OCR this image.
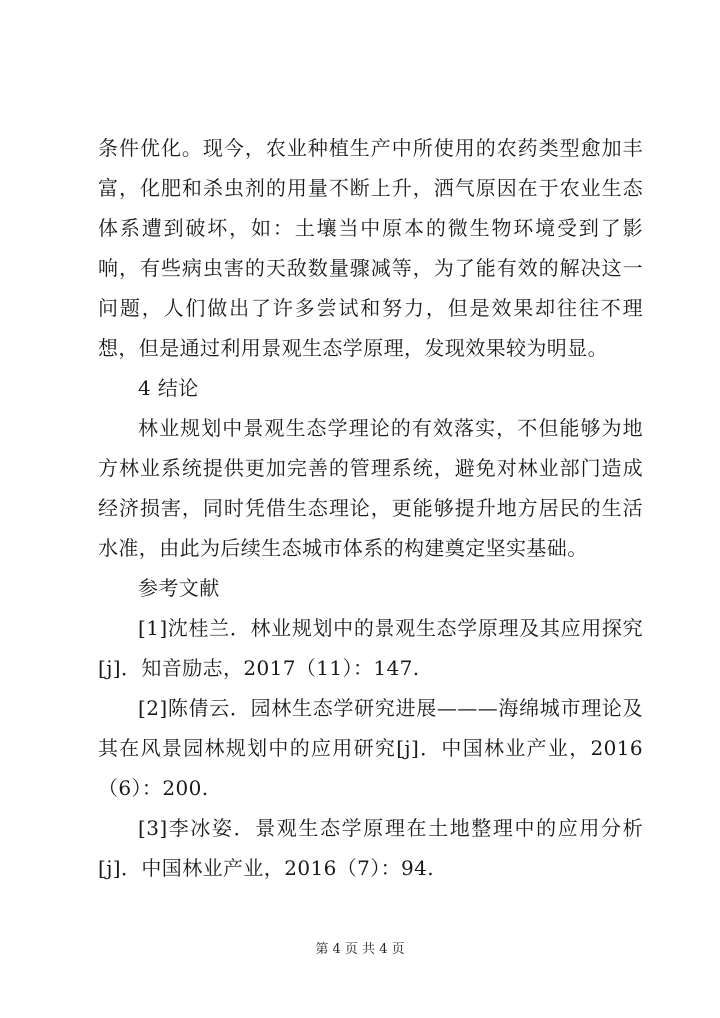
条件优化。现今，农业种植生产中所使用的农药类型愈加丰富，化肥和杀虫剂的用量不断上升，洒气原因在于农业生态体系遭到破坏，如：土壤当中原本的微生物环境受到了影响，有些病虫害的天敌数量骤减等，为了能有效的解决这一问题，人们做出了许多尝试和努力，但是效果却往往不理想，但是通过利用景观生态学原理，发现效果较为明显。

4 结论

林业规划中景观生态学理论的有效落实，不但能够为地方林业系统提供更加完善的管理系统，避免对林业部门造成经济损害，同时凭借生态理论，更能够提升地方居民的生活水准，由此为后续生态城市体系的构建奠定坚实基础。

参考文献

[1]沈桂兰．林业规划中的景观生态学原理及其应用探究[j]．知音励志，2017（11）：147.

[2]陈倩云．园林生态学研究进展———海绵城市理论及其在风景园林规划中的应用研究[j]．中国林业产业，2016（6）：200.

[3]李冰姿．景观生态学原理在土地整理中的应用分析[j]．中国林业产业，2016（7）：94.

第 4 页 共 4 页
